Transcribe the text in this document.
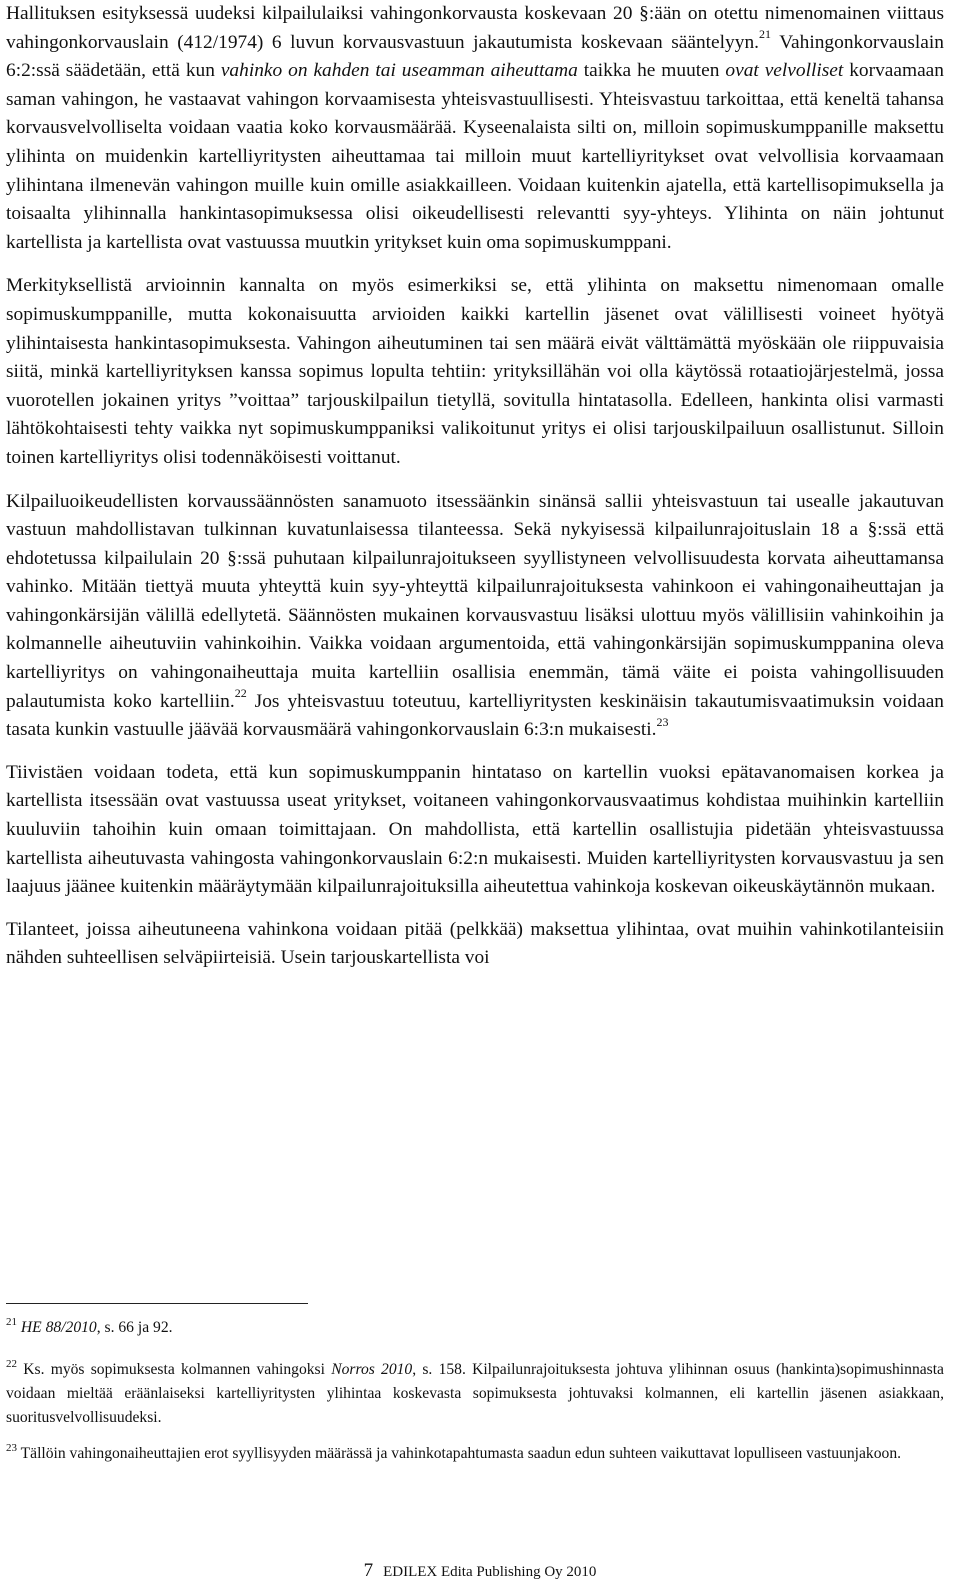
Hallituksen esityksessä uudeksi kilpailulaiksi vahingonkorvausta koskevaan 20 §:ään on otettu nimenomainen viittaus vahingonkorvauslain (412/1974) 6 luvun korvausvastuun jakautumista koskevaan sääntelyyn.$^{21}$ Vahingonkorvauslain 6:2:ssä säädetään, että kun vahinko on kahden tai useamman aiheuttama taikka he muuten ovat velvolliset korvaamaan saman vahingon, he vastaavat vahingon korvaamisesta yhteisvastuullisesti. Yhteisvastuu tarkoittaa, että keneltä tahansa korvausvelvolliselta voidaan vaatia koko korvausmäärää. Kyseenalaista silti on, milloin sopimuskumppanille maksettu ylihinta on muidenkin kartelliyritysten aiheuttamaa tai milloin muut kartelliyritykset ovat velvollisia korvaamaan ylihintana ilmenevän vahingon muille kuin omille asiakkailleen. Voidaan kuitenkin ajatella, että kartellisopimuksella ja toisaalta ylihinnalla hankintasopimuksessa olisi oikeudellisesti relevantti syy-yhteys. Ylihinta on näin johtunut kartellista ja kartellista ovat vastuussa muutkin yritykset kuin oma sopimuskumppani.

Merkityksellistä arvioinnin kannalta on myös esimerkiksi se, että ylihinta on maksettu nimenomaan omalle sopimuskumppanille, mutta kokonaisuutta arvioiden kaikki kartellin jäsenet ovat välillisesti voineet hyötyä ylihintaisesta hankintasopimuksesta. Vahingon aiheutuminen tai sen määrä eivät välttämättä myöskään ole riippuvaisia siitä, minkä kartelliyrityksen kanssa sopimus lopulta tehtiin: yrityksillähän voi olla käytössä rotaatiojärjestelmä, jossa vuorotellen jokainen yritys ”voittaa” tarjouskilpailun tietyllä, sovitulla hintatasolla. Edelleen, hankinta olisi varmasti lähtökohtaisesti tehty vaikka nyt sopimuskumppaniksi valikoitunut yritys ei olisi tarjouskilpailuun osallistunut. Silloin toinen kartelliyritys olisi todennäköisesti voittanut.

Kilpailuoikeudellisten korvaussäännösten sanamuoto itsessäänkin sinänsä sallii yhteisvastuun tai usealle jakautuvan vastuun mahdollistavan tulkinnan kuvatunlaisessa tilanteessa. Sekä nykyisessä kilpailunrajoituslain 18 a §:ssä että ehdotetussa kilpailulain 20 §:ssä puhutaan kilpailunrajoitukseen syyllistyneen velvollisuudesta korvata aiheuttamansa vahinko. Mitään tiettyä muuta yhteyttä kuin syy-yhteyttä kilpailunrajoituksesta vahinkoon ei vahingonaiheuttajan ja vahingonkärsijän välillä edellytetä. Säännösten mukainen korvausvastuu lisäksi ulottuu myös välillisiin vahinkoihin ja kolmannelle aiheutuviin vahinkoihin. Vaikka voidaan argumentoida, että vahingonkärsijän sopimuskumppanina oleva kartelliyritys on vahingonaiheuttaja muita kartelliin osallisia enemmän, tämä väite ei poista vahingollisuuden palautumista koko kartelliin.$^{22}$ Jos yhteisvastuu toteutuu, kartelliyritysten keskinäisin takautumisvaatimuksin voidaan tasata kunkin vastuulle jäävää korvausmäärä vahingonkorvauslain 6:3:n mukaisesti.$^{23}$

Tiivistäen voidaan todeta, että kun sopimuskumppanin hintataso on kartellin vuoksi epätavanomaisen korkea ja kartellista itsessään ovat vastuussa useat yritykset, voitaneen vahingonkorvausvaatimus kohdistaa muihinkin kartelliin kuuluviin tahoihin kuin omaan toimittajaan. On mahdollista, että kartellin osallistujia pidetään yhteisvastuussa kartellista aiheutuvasta vahingosta vahingonkorvauslain 6:2:n mukaisesti. Muiden kartelliyritysten korvausvastuu ja sen laajuus jäänee kuitenkin määräytymään kilpailunrajoituksilla aiheutettua vahinkoja koskevan oikeuskäytännön mukaan.

Tilanteet, joissa aiheutuneena vahinkona voidaan pitää (pelkkää) maksettua ylihintaa, ovat muihin vahinkotilanteisiin nähden suhteellisen selväpiirteisiä. Usein tarjouskartellista voi

$^{21}$ HE 88/2010, s. 66 ja 92.

$^{22}$ Ks. myös sopimuksesta kolmannen vahingoksi Norros 2010, s. 158. Kilpailunrajoituksesta johtuva ylihinnan osuus (hankinta)sopimushinnasta voidaan mieltää eräänlaiseksi kartelliyritysten ylihintaa koskevasta sopimuksesta johtuvaksi kolmannen, eli kartellin jäsenen asiakkaan, suoritusvelvollisuudeksi.

$^{23}$ Tällöin vahingonaiheuttajien erot syyllisyyden määrässä ja vahinkotapahtumasta saadun edun suhteen vaikuttavat lopulliseen vastuunjakoon.

7 EDILEX Edita Publishing Oy 2010
